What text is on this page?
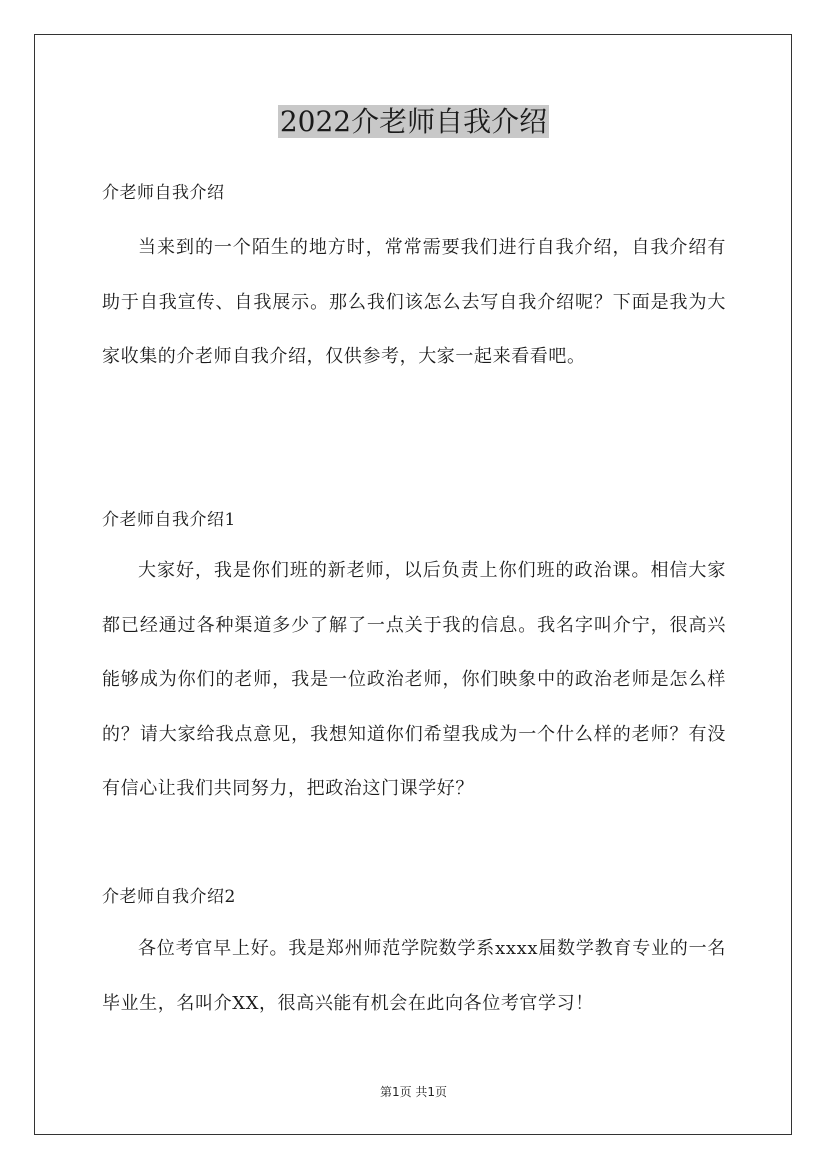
2022介老师自我介绍
介老师自我介绍
当来到的一个陌生的地方时，常常需要我们进行自我介绍，自我介绍有助于自我宣传、自我展示。那么我们该怎么去写自我介绍呢？下面是我为大家收集的介老师自我介绍，仅供参考，大家一起来看看吧。
介老师自我介绍1
大家好，我是你们班的新老师，以后负责上你们班的政治课。相信大家都已经通过各种渠道多少了解了一点关于我的信息。我名字叫介宁，很高兴能够成为你们的老师，我是一位政治老师，你们映象中的政治老师是怎么样的？请大家给我点意见，我想知道你们希望我成为一个什么样的老师？有没有信心让我们共同努力，把政治这门课学好？
介老师自我介绍2
各位考官早上好。我是郑州师范学院数学系xxxx届数学教育专业的一名毕业生，名叫介XX，很高兴能有机会在此向各位考官学习！
第1页 共1页
